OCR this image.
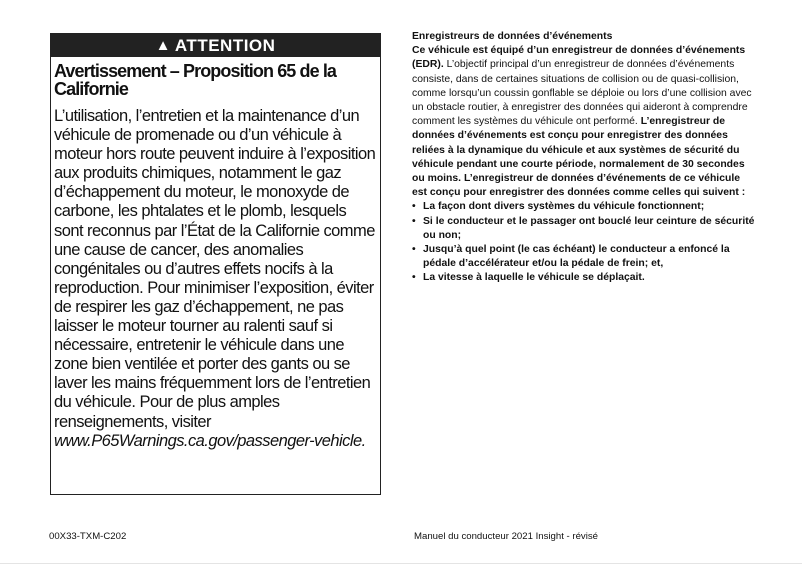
▲ ATTENTION
Avertissement – Proposition 65 de la Californie
L’utilisation, l’entretien et la maintenance d’un véhicule de promenade ou d’un véhicule à moteur hors route peuvent induire à l’exposition aux produits chimiques, notamment le gaz d’échappement du moteur, le monoxyde de carbone, les phtalates et le plomb, lesquels sont reconnus par l’État de la Californie comme une cause de cancer, des anomalies congénitales ou d’autres effets nocifs à la reproduction. Pour minimiser l’exposition, éviter de respirer les gaz d’échappement, ne pas laisser le moteur tourner au ralenti sauf si nécessaire, entretenir le véhicule dans une zone bien ventilée et porter des gants ou se laver les mains fréquemment lors de l’entretien du véhicule. Pour de plus amples renseignements, visiter www.P65Warnings.ca.gov/passenger-vehicle.

Enregistreurs de données d’événements

Ce véhicule est équipé d’un enregistreur de données d’événements (EDR). L’objectif principal d’un enregistreur de données d’événements consiste, dans de certaines situations de collision ou de quasi-collision, comme lorsqu’un coussin gonflable se déploie ou lors d’une collision avec un obstacle routier, à enregistrer des données qui aideront à comprendre comment les systèmes du véhicule ont performé. L’enregistreur de données d’événements est conçu pour enregistrer des données reliées à la dynamique du véhicule et aux systèmes de sécurité du véhicule pendant une courte période, normalement de 30 secondes ou moins. L’enregistreur de données d’événements de ce véhicule est conçu pour enregistrer des données comme celles qui suivent :

• La façon dont divers systèmes du véhicule fonctionnent;
• Si le conducteur et le passager ont bouclé leur ceinture de sécurité ou non;
• Jusqu’à quel point (le cas échéant) le conducteur a enfoncé la pédale d’accélérateur et/ou la pédale de frein; et,
• La vitesse à laquelle le véhicule se déplaçait.
00X33-TXM-C202	Manuel du conducteur 2021 Insight - révisé
